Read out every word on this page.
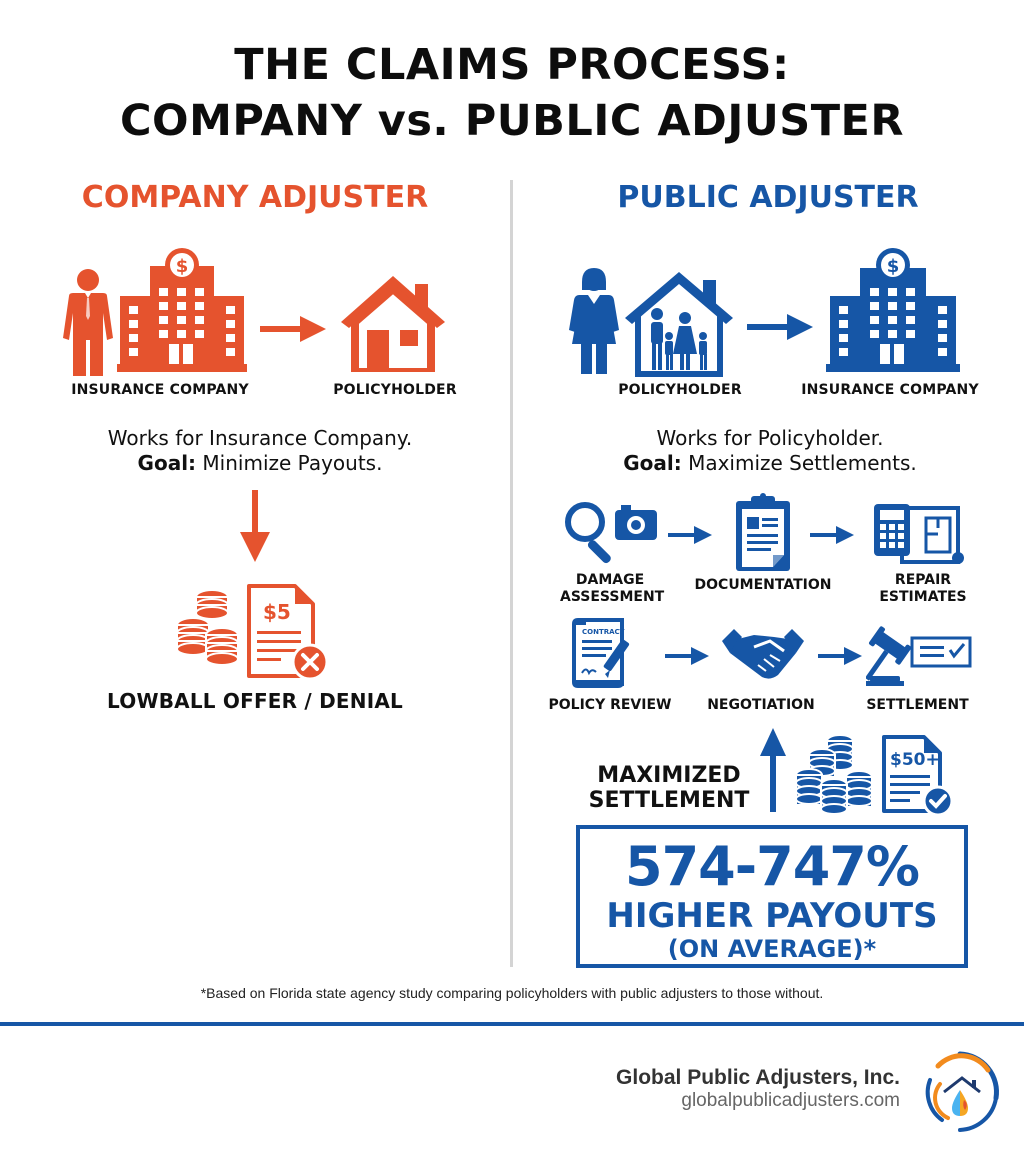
THE CLAIMS PROCESS:
COMPANY vs. PUBLIC ADJUSTER
COMPANY ADJUSTER	PUBLIC ADJUSTER
$
INSURANCE COMPANY	POLICYHOLDER
Works for Insurance Company.
Goal: Minimize Payouts.
$5
LOWBALL OFFER / DENIAL
$
POLICYHOLDER	INSURANCE COMPANY
Works for Policyholder.
Goal: Maximize Settlements.
DAMAGE
ASSESSMENT
DOCUMENTATION	REPAIR
ESTIMATES
CONTRACT
POLICY REVIEW	NEGOTIATION	SETTLEMENT
MAXIMIZED
SETTLEMENT
$50+
574-747%
HIGHER PAYOUTS
(ON AVERAGE)*
*Based on Florida state agency study comparing policyholders with public adjusters to those without.
Global Public Adjusters, Inc.
globalpublicadjusters.com
